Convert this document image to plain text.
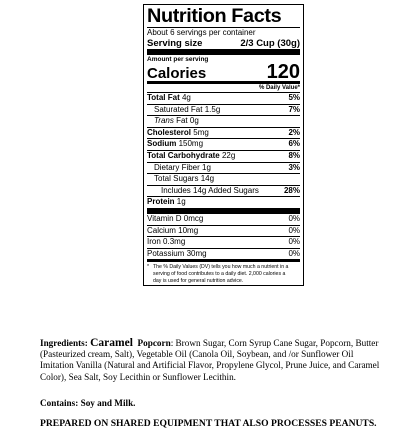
Nutrition Facts
About 6 servings per container
Serving size	2/3 Cup (30g)
Amount per serving
Calories	120
% Daily Value*
Total Fat 4g	5%
Saturated Fat 1.5g	7%
Trans Fat 0g
Cholesterol 5mg	2%
Sodium 150mg	6%
Total Carbohydrate 22g	8%
Dietary Fiber 1g	3%
Total Sugars 14g
Includes 14g Added Sugars	28%
Protein 1g
Vitamin D 0mcg	0%
Calcium 10mg	0%
Iron 0.3mg	0%
Potassium 30mg	0%
* The % Daily Values (DV) tells you how much a nutrient in a
serving of food contributes to a daily diet. 2,000 calories a
day is used for general nutrition advice.
Ingredients: Caramel Popcorn: Brown Sugar, Corn Syrup Cane Sugar, Popcorn, Butter (Pasteurized cream, Salt), Vegetable Oil (Canola Oil, Soybean, and /or Sunflower Oil Imitation Vanilla (Natural and Artificial Flavor, Propylene Glycol, Prune Juice, and Caramel Color), Sea Salt, Soy Lecithin or Sunflower Lecithin.
Contains: Soy and Milk.
PREPARED ON SHARED EQUIPMENT THAT ALSO PROCESSES PEANUTS.
